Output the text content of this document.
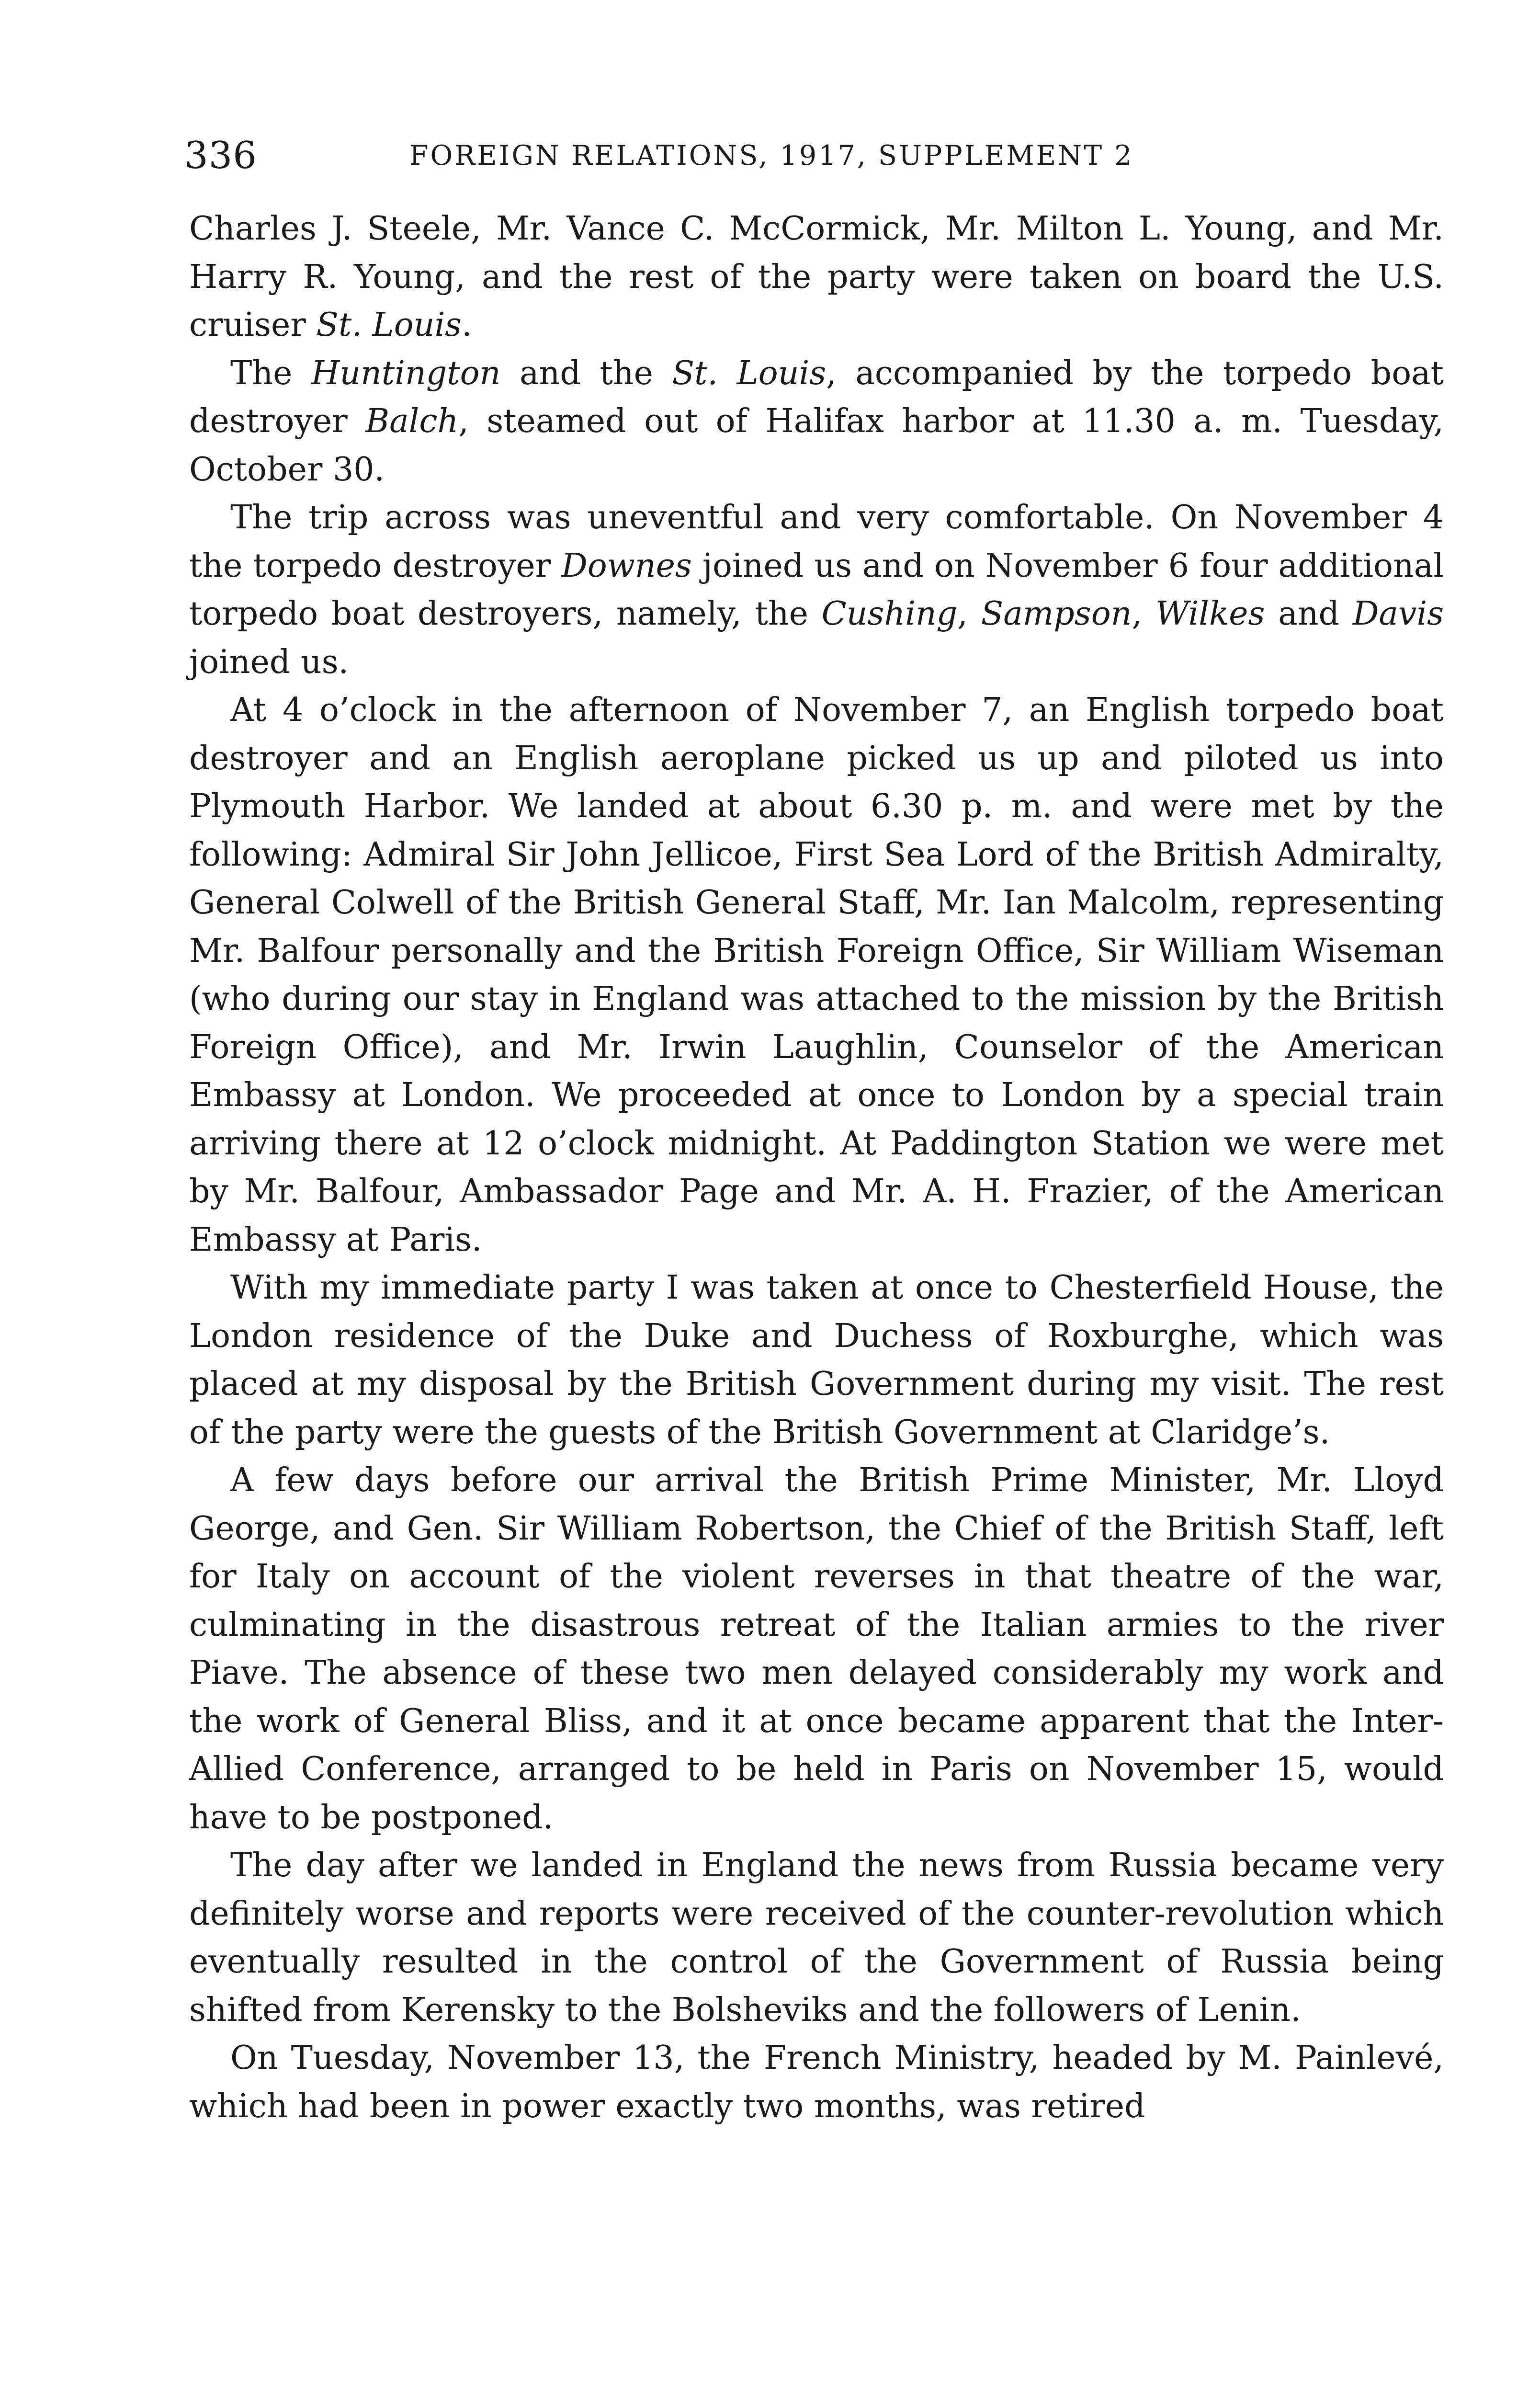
336	FOREIGN RELATIONS, 1917, SUPPLEMENT 2

Charles J. Steele, Mr. Vance C. McCormick, Mr. Milton L. Young, and Mr. Harry R. Young, and the rest of the party were taken on board the U.S. cruiser St. Louis.

The Huntington and the St. Louis, accompanied by the torpedo boat destroyer Balch, steamed out of Halifax harbor at 11.30 a. m. Tuesday, October 30.

The trip across was uneventful and very comfortable. On November 4 the torpedo destroyer Downes joined us and on November 6 four additional torpedo boat destroyers, namely, the Cushing, Sampson, Wilkes and Davis joined us.

At 4 o’clock in the afternoon of November 7, an English torpedo boat destroyer and an English aeroplane picked us up and piloted us into Plymouth Harbor. We landed at about 6.30 p. m. and were met by the following: Admiral Sir John Jellicoe, First Sea Lord of the British Admiralty, General Colwell of the British General Staff, Mr. Ian Malcolm, representing Mr. Balfour personally and the British Foreign Office, Sir William Wiseman (who during our stay in England was attached to the mission by the British Foreign Office), and Mr. Irwin Laughlin, Counselor of the American Embassy at London. We proceeded at once to London by a special train arriving there at 12 o’clock midnight. At Paddington Station we were met by Mr. Balfour, Ambassador Page and Mr. A. H. Frazier, of the American Embassy at Paris.

With my immediate party I was taken at once to Chesterfield House, the London residence of the Duke and Duchess of Roxburghe, which was placed at my disposal by the British Government during my visit. The rest of the party were the guests of the British Government at Claridge’s.

A few days before our arrival the British Prime Minister, Mr. Lloyd George, and Gen. Sir William Robertson, the Chief of the British Staff, left for Italy on account of the violent reverses in that theatre of the war, culminating in the disastrous retreat of the Italian armies to the river Piave. The absence of these two men delayed considerably my work and the work of General Bliss, and it at once became apparent that the Inter-Allied Conference, arranged to be held in Paris on November 15, would have to be postponed.

The day after we landed in England the news from Russia became very definitely worse and reports were received of the counter-revolution which eventually resulted in the control of the Government of Russia being shifted from Kerensky to the Bolsheviks and the followers of Lenin.

On Tuesday, November 13, the French Ministry, headed by M. Painlevé, which had been in power exactly two months, was retired
